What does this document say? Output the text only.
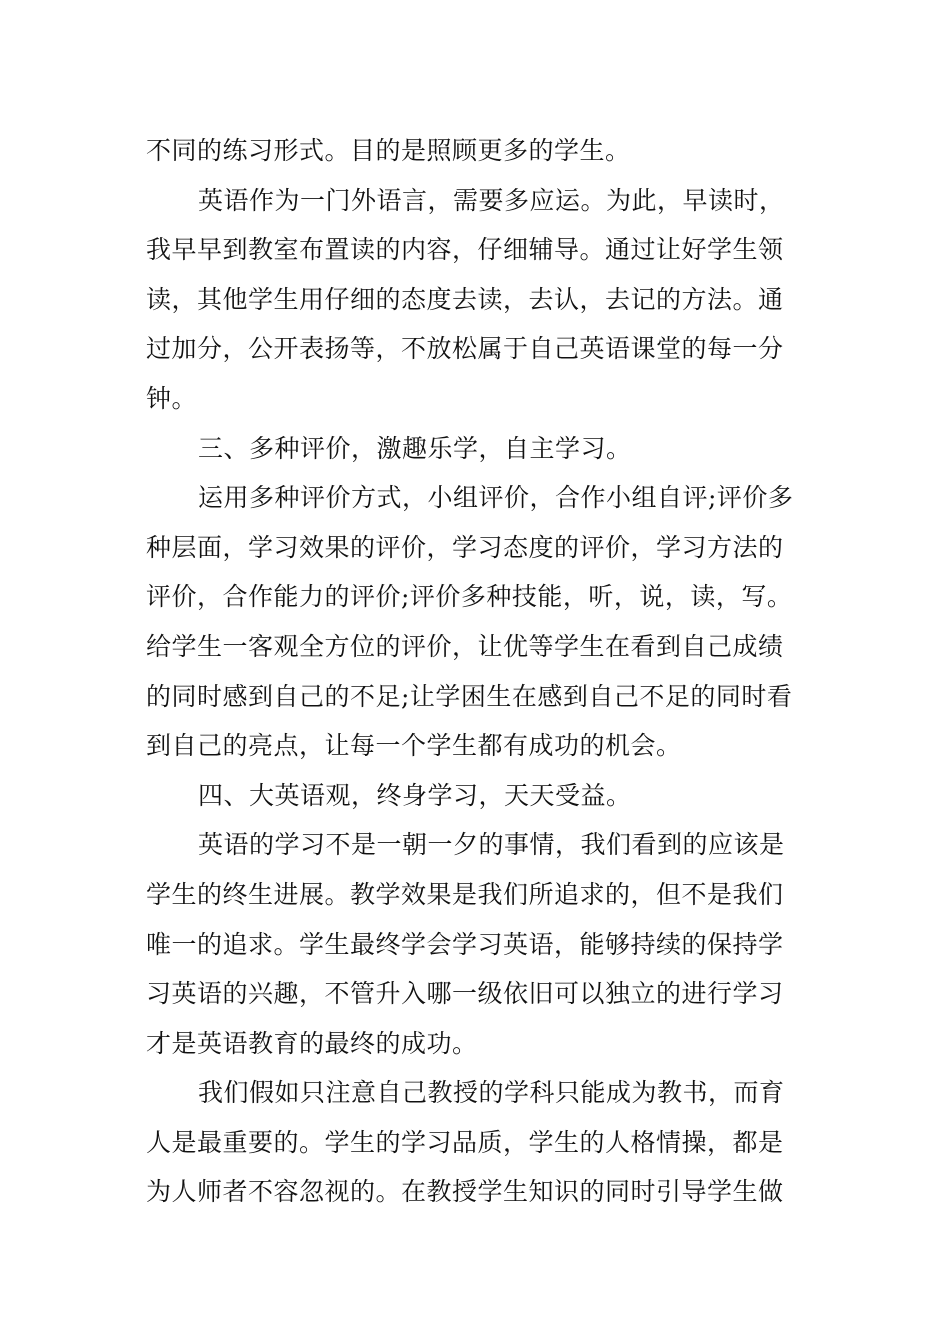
不同的练习形式。目的是照顾更多的学生。
英语作为一门外语言，需要多应运。为此，早读时，
我早早到教室布置读的内容，仔细辅导。通过让好学生领
读，其他学生用仔细的态度去读，去认，去记的方法。通
过加分，公开表扬等，不放松属于自己英语课堂的每一分
钟。
三、多种评价，激趣乐学，自主学习。
运用多种评价方式，小组评价，合作小组自评;评价多
种层面，学习效果的评价，学习态度的评价，学习方法的
评价，合作能力的评价;评价多种技能，听，说，读，写。
给学生一客观全方位的评价，让优等学生在看到自己成绩
的同时感到自己的不足;让学困生在感到自己不足的同时看
到自己的亮点，让每一个学生都有成功的机会。
四、大英语观，终身学习，天天受益。
英语的学习不是一朝一夕的事情，我们看到的应该是
学生的终生进展。教学效果是我们所追求的，但不是我们
唯一的追求。学生最终学会学习英语，能够持续的保持学
习英语的兴趣，不管升入哪一级依旧可以独立的进行学习
才是英语教育的最终的成功。
我们假如只注意自己教授的学科只能成为教书，而育
人是最重要的。学生的学习品质，学生的人格情操，都是
为人师者不容忽视的。在教授学生知识的同时引导学生做
